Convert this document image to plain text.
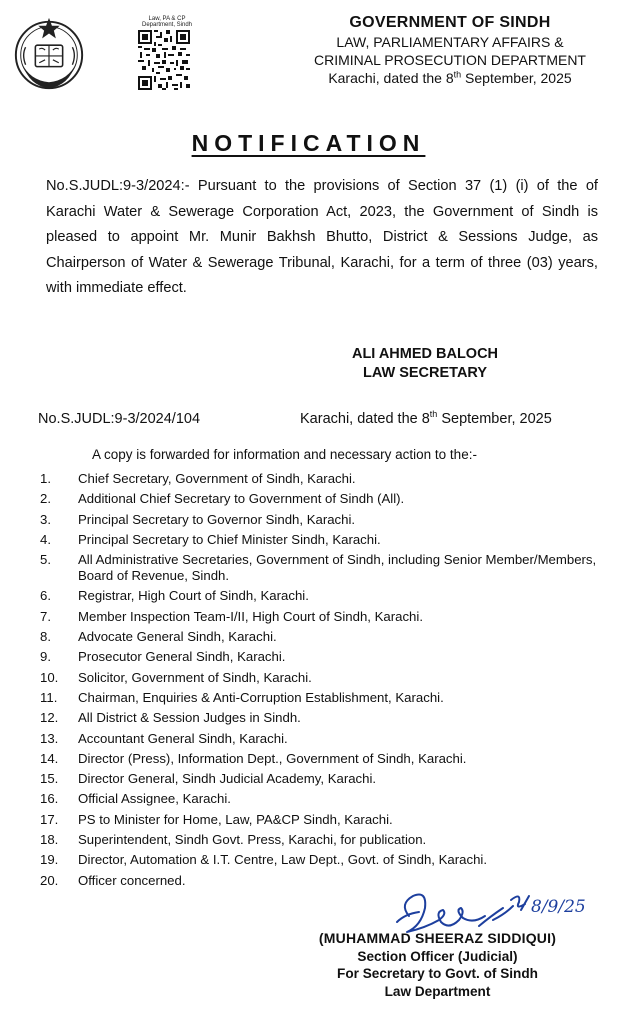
Law, PA & CP
Department, Sindh	GOVERNMENT OF SINDH
LAW, PARLIAMENTARY AFFAIRS &
CRIMINAL PROSECUTION DEPARTMENT
Karachi, dated the 8th September, 2025
NOTIFICATION
No.S.JUDL:9-3/2024:- Pursuant to the provisions of Section 37 (1) (i) of the of Karachi Water & Sewerage Corporation Act, 2023, the Government of Sindh is pleased to appoint Mr. Munir Bakhsh Bhutto, District & Sessions Judge, as Chairperson of Water & Sewerage Tribunal, Karachi, for a term of three (03) years, with immediate effect.
ALI AHMED BALOCH
LAW SECRETARY
No.S.JUDL:9-3/2024/104	Karachi, dated the 8th September, 2025
A copy is forwarded for information and necessary action to the:-
1.	Chief Secretary, Government of Sindh, Karachi.
2.	Additional Chief Secretary to Government of Sindh (All).
3.	Principal Secretary to Governor Sindh, Karachi.
4.	Principal Secretary to Chief Minister Sindh, Karachi.
5.	All Administrative Secretaries, Government of Sindh, including Senior Member/Members, Board of Revenue, Sindh.
6.	Registrar, High Court of Sindh, Karachi.
7.	Member Inspection Team-I/II, High Court of Sindh, Karachi.
8.	Advocate General Sindh, Karachi.
9.	Prosecutor General Sindh, Karachi.
10.	Solicitor, Government of Sindh, Karachi.
11.	Chairman, Enquiries & Anti-Corruption Establishment, Karachi.
12.	All District & Session Judges in Sindh.
13.	Accountant General Sindh, Karachi.
14.	Director (Press), Information Dept., Government of Sindh, Karachi.
15.	Director General, Sindh Judicial Academy, Karachi.
16.	Official Assignee, Karachi.
17.	PS to Minister for Home, Law, PA&CP Sindh, Karachi.
18.	Superintendent, Sindh Govt. Press, Karachi, for publication.
19.	Director, Automation & I.T. Centre, Law Dept., Govt. of Sindh, Karachi.
20.	Officer concerned.
8/9/25
(MUHAMMAD SHEERAZ SIDDIQUI)
Section Officer (Judicial)
For Secretary to Govt. of Sindh
Law Department
